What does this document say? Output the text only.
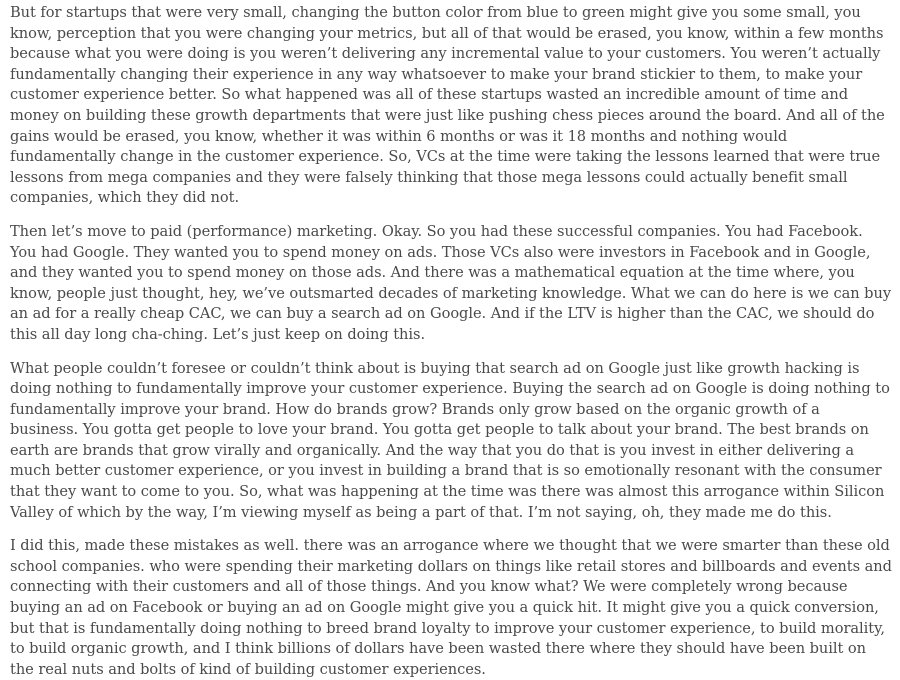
But for startups that were very small, changing the button color from blue to green might give you some small, you know, perception that you were changing your metrics, but all of that would be erased, you know, within a few months because what you were doing is you weren’t delivering any incremental value to your customers. You weren’t actually fundamentally changing their experience in any way whatsoever to make your brand stickier to them, to make your customer experience better. So what happened was all of these startups wasted an incredible amount of time and money on building these growth departments that were just like pushing chess pieces around the board. And all of the gains would be erased, you know, whether it was within 6 months or was it 18 months and nothing would fundamentally change in the customer experience. So, VCs at the time were taking the lessons learned that were true lessons from mega companies and they were falsely thinking that those mega lessons could actually benefit small companies, which they did not.

Then let’s move to paid (performance) marketing. Okay. So you had these successful companies. You had Facebook. You had Google. They wanted you to spend money on ads. Those VCs also were investors in Facebook and in Google, and they wanted you to spend money on those ads. And there was a mathematical equation at the time where, you know, people just thought, hey, we’ve outsmarted decades of marketing knowledge. What we can do here is we can buy an ad for a really cheap CAC, we can buy a search ad on Google. And if the LTV is higher than the CAC, we should do this all day long cha-ching. Let’s just keep on doing this.

What people couldn’t foresee or couldn’t think about is buying that search ad on Google just like growth hacking is doing nothing to fundamentally improve your customer experience. Buying the search ad on Google is doing nothing to fundamentally improve your brand. How do brands grow? Brands only grow based on the organic growth of a business. You gotta get people to love your brand. You gotta get people to talk about your brand. The best brands on earth are brands that grow virally and organically. And the way that you do that is you invest in either delivering a much better customer experience, or you invest in building a brand that is so emotionally resonant with the consumer that they want to come to you. So, what was happening at the time was there was almost this arrogance within Silicon Valley of which by the way, I’m viewing myself as being a part of that. I’m not saying, oh, they made me do this.

I did this, made these mistakes as well. there was an arrogance where we thought that we were smarter than these old school companies. who were spending their marketing dollars on things like retail stores and billboards and events and connecting with their customers and all of those things. And you know what? We were completely wrong because buying an ad on Facebook or buying an ad on Google might give you a quick hit. It might give you a quick conversion, but that is fundamentally doing nothing to breed brand loyalty to improve your customer experience, to build morality, to build organic growth, and I think billions of dollars have been wasted there where they should have been built on the real nuts and bolts of kind of building customer experiences.
